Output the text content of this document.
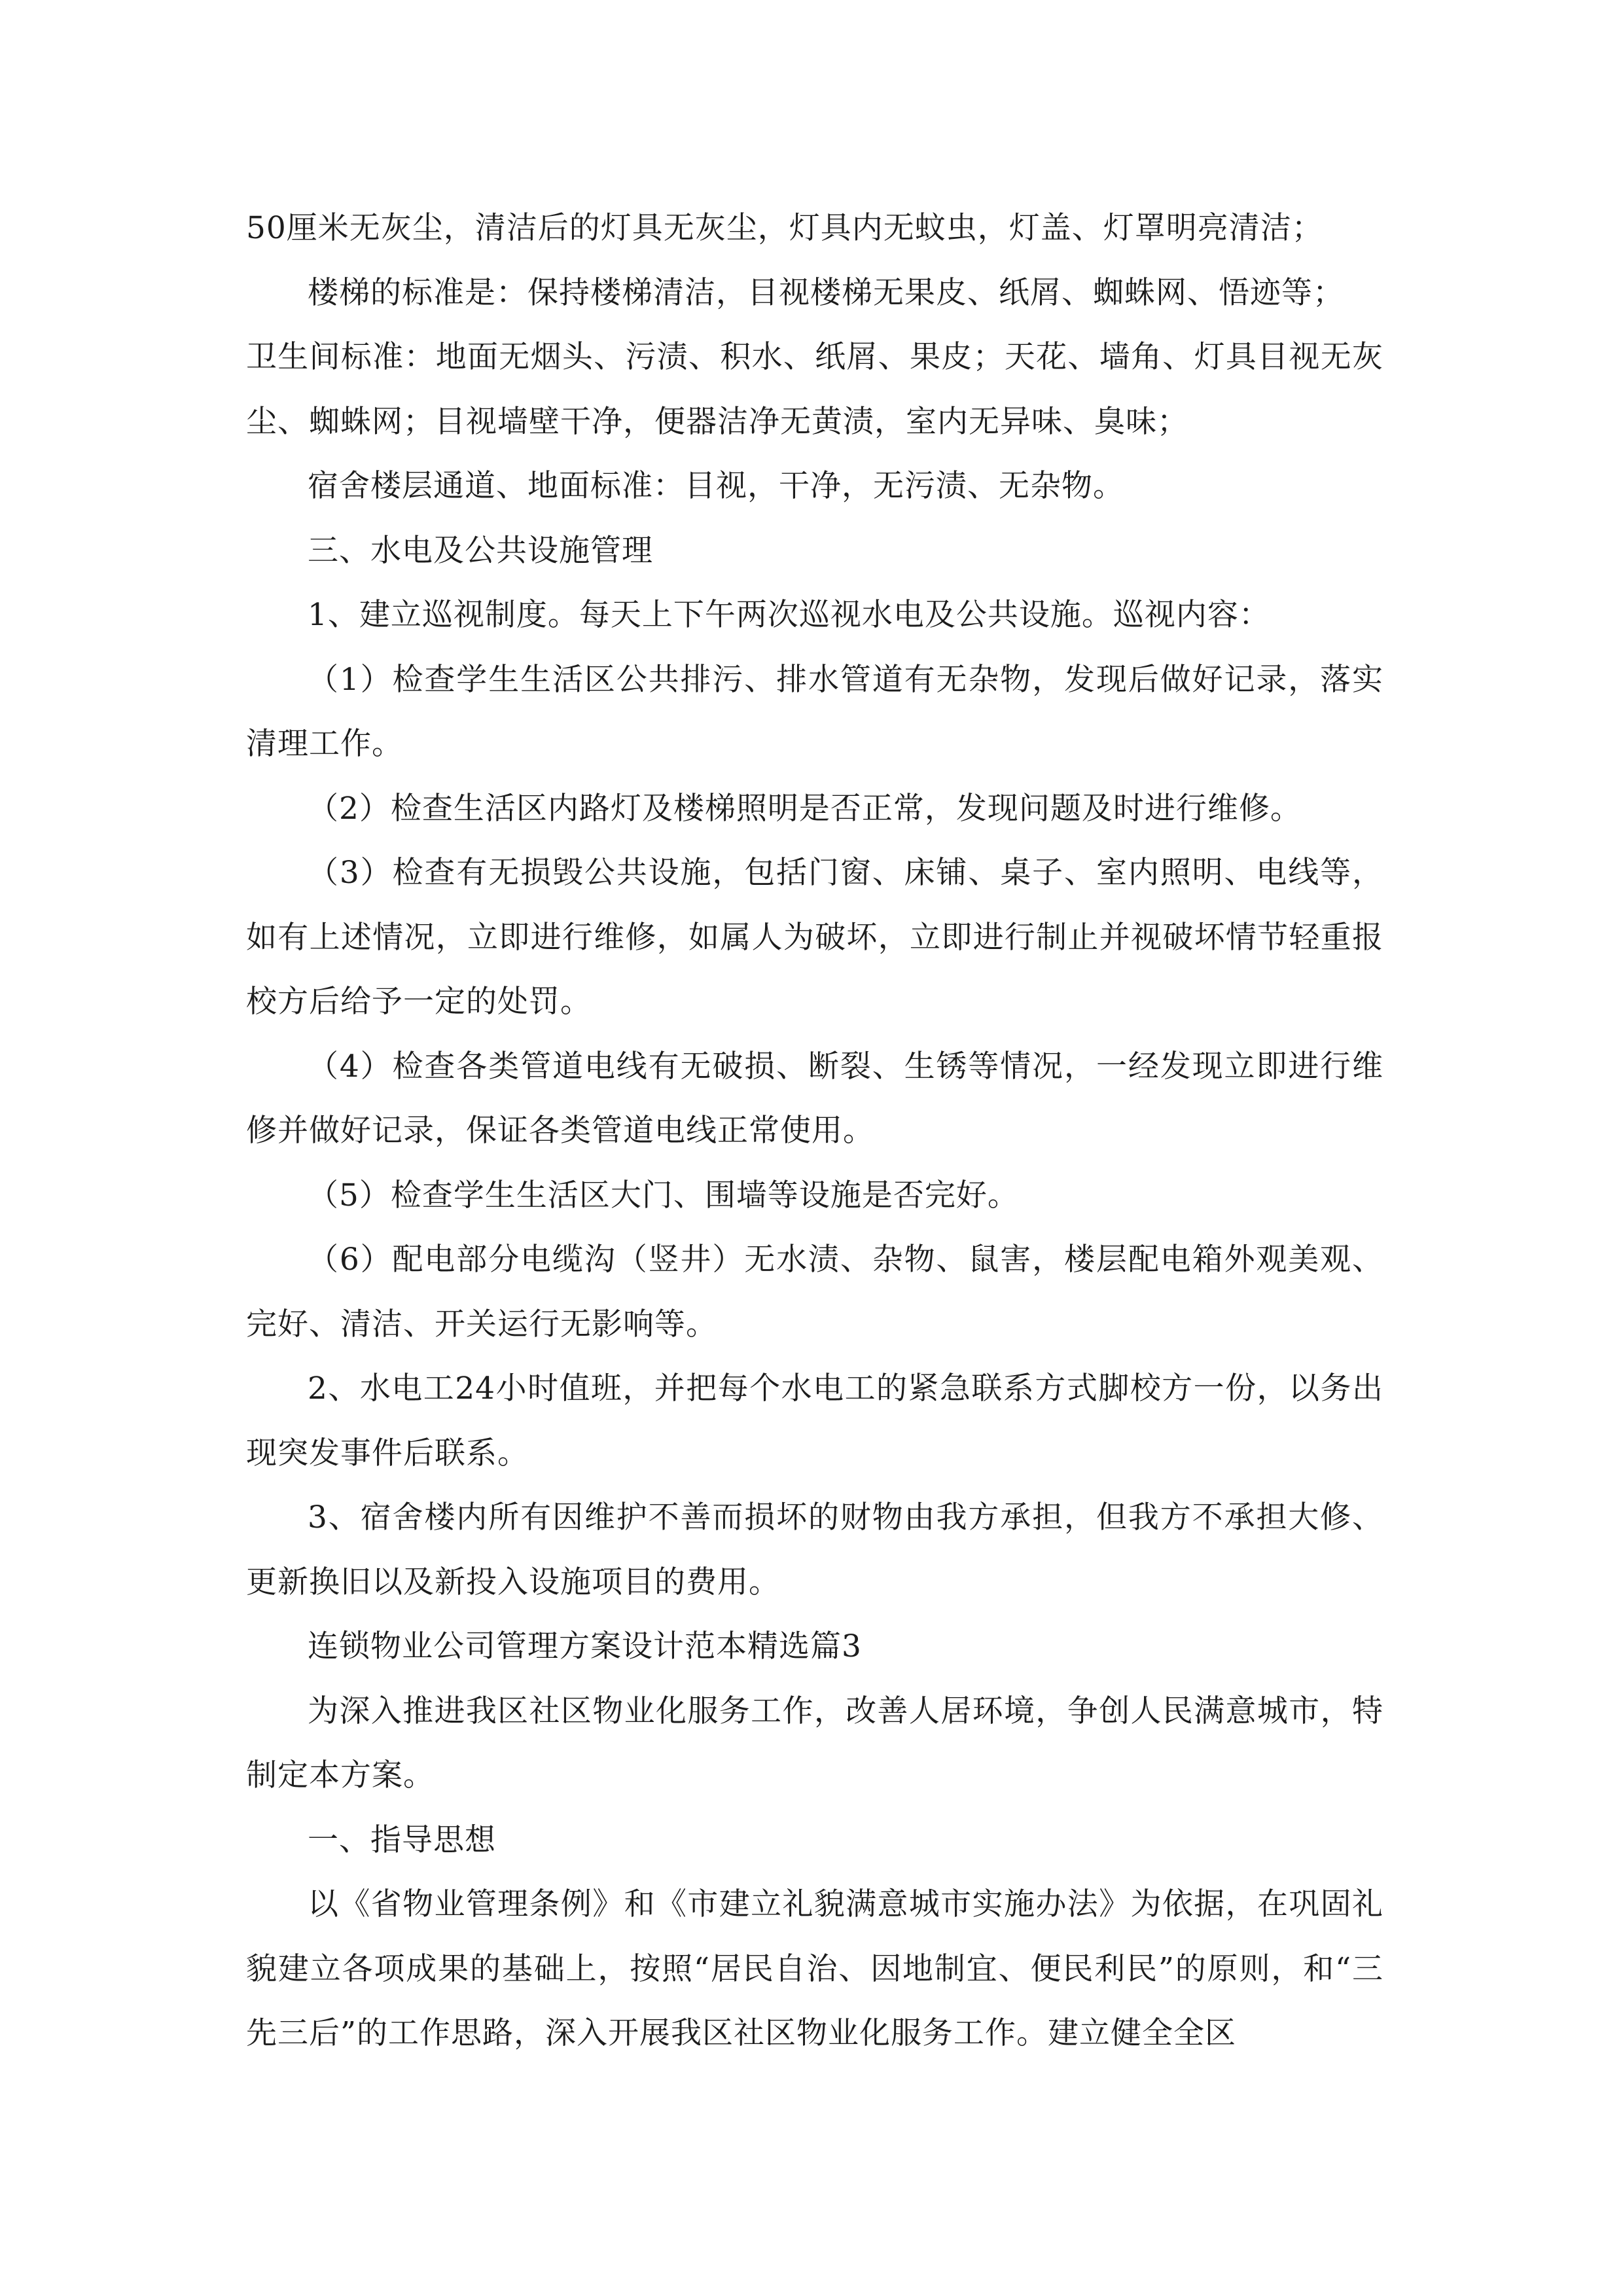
50厘米无灰尘，清洁后的灯具无灰尘，灯具内无蚊虫，灯盖、灯罩明亮清洁；

楼梯的标准是：保持楼梯清洁，目视楼梯无果皮、纸屑、蜘蛛网、悟迹等；

卫生间标准：地面无烟头、污渍、积水、纸屑、果皮；天花、墙角、灯具目视无灰尘、蜘蛛网；目视墙壁干净，便器洁净无黄渍，室内无异味、臭味；

宿舍楼层通道、地面标准：目视，干净，无污渍、无杂物。

三、水电及公共设施管理

1、建立巡视制度。每天上下午两次巡视水电及公共设施。巡视内容：

（1）检查学生生活区公共排污、排水管道有无杂物，发现后做好记录，落实清理工作。

（2）检查生活区内路灯及楼梯照明是否正常，发现问题及时进行维修。

（3）检查有无损毁公共设施，包括门窗、床铺、桌子、室内照明、电线等，如有上述情况，立即进行维修，如属人为破坏，立即进行制止并视破坏情节轻重报校方后给予一定的处罚。

（4）检查各类管道电线有无破损、断裂、生锈等情况，一经发现立即进行维修并做好记录，保证各类管道电线正常使用。

（5）检查学生生活区大门、围墙等设施是否完好。

（6）配电部分电缆沟（竖井）无水渍、杂物、鼠害，楼层配电箱外观美观、完好、清洁、开关运行无影响等。

2、水电工24小时值班，并把每个水电工的紧急联系方式脚校方一份，以务出现突发事件后联系。

3、宿舍楼内所有因维护不善而损坏的财物由我方承担，但我方不承担大修、更新换旧以及新投入设施项目的费用。

连锁物业公司管理方案设计范本精选篇3

为深入推进我区社区物业化服务工作，改善人居环境，争创人民满意城市，特制定本方案。

一、指导思想

以《省物业管理条例》和《市建立礼貌满意城市实施办法》为依据，在巩固礼貌建立各项成果的基础上，按照“居民自治、因地制宜、便民利民”的原则，和“三先三后”的工作思路，深入开展我区社区物业化服务工作。建立健全全区
